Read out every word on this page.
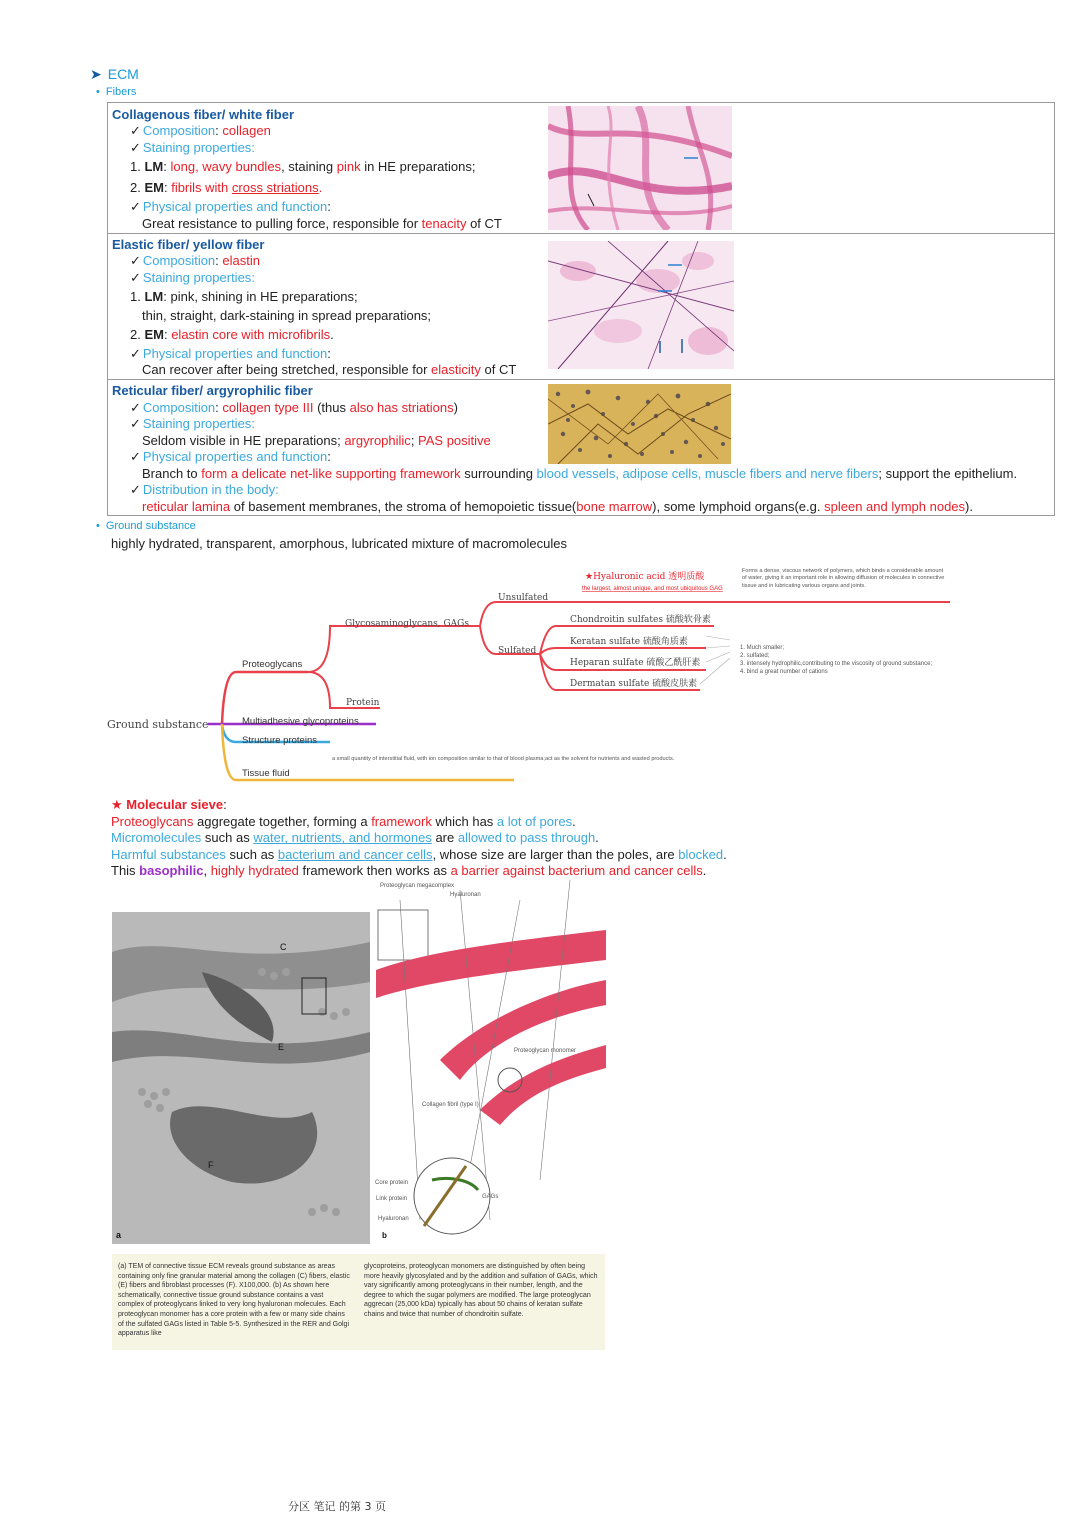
➤ ECM
• Fibers
Collagenous fiber/ white fiber
✓ Composition: collagen
✓ Staining properties:
1. LM: long, wavy bundles, staining pink in HE preparations;
2. EM: fibrils with cross striations.
✓ Physical properties and function:
Great resistance to pulling force, responsible for tenacity of CT
Elastic fiber/ yellow fiber
✓ Composition: elastin
✓ Staining properties:
1. LM: pink, shining in HE preparations;
thin, straight, dark-staining in spread preparations;
2. EM: elastin core with microfibrils.
✓ Physical properties and function:
Can recover after being stretched, responsible for elasticity of CT
Reticular fiber/ argyrophilic fiber
✓ Composition: collagen type III (thus also has striations)
✓ Staining properties:
Seldom visible in HE preparations; argyrophilic; PAS positive
✓ Physical properties and function:
Branch to form a delicate net-like supporting framework surrounding blood vessels, adipose cells, muscle fibers and nerve fibers; support the epithelium.
✓ Distribution in the body:
reticular lamina of basement membranes, the stroma of hemopoietic tissue(bone marrow), some lymphoid organs(e.g. spleen and lymph nodes).
• Ground substance
highly hydrated, transparent, amorphous, lubricated mixture of macromolecules
Ground substance
Proteoglycans
Multiadhesive glycoproteins
Structure proteins
Tissue fluid
a small quantity of interstitial fluid, with ion composition similar to that of blood plasma;act as the solvent for nutrients and wasted products.
Glycosaminoglycans, GAGs
Protein
Unsulfated
Sulfated
★Hyaluronic acid 透明质酸
the largest, almost unique, and most ubiquitous GAG
Forms a dense, viscous network of polymers, which binds a considerable amount of water, giving it an important role in allowing diffusion of molecules in connective tissue and in lubricating various organs and joints.
Chondroitin sulfates 硫酸软骨素
Keratan sulfate 硫酸角质素
Heparan sulfate 硫酸乙酰肝素
Dermatan sulfate 硫酸皮肤素
1. Much smaller;
2. sulfated;
3. intensely hydrophilic,contributing to the viscosity of ground substance;
4. bind a great number of cations
★ Molecular sieve:
Proteoglycans aggregate together, forming a framework which has a lot of pores.
Micromolecules such as water, nutrients, and hormones are allowed to pass through.
Harmful substances such as bacterium and cancer cells, whose size are larger than the poles, are blocked.
This basophilic, highly hydrated framework then works as a barrier against bacterium and cancer cells.
C
E
F
a
Proteoglycan megacomplex
Hyaluronan
Proteoglycan monomer
Collagen fibril (type I)
Core protein
Link protein	GAGs
Hyaluronan
b
(a) TEM of connective tissue ECM reveals ground substance as areas containing only fine granular material among the collagen (C) fibers, elastic (E) fibers and fibroblast processes (F). X100,000. (b) As shown here schematically, connective tissue ground substance contains a vast complex of proteoglycans linked to very long hyaluronan molecules. Each proteoglycan monomer has a core protein with a few or many side chains of the sulfated GAGs listed in Table 5-5. Synthesized in the RER and Golgi apparatus like
glycoproteins, proteoglycan monomers are distinguished by often being more heavily glycosylated and by the addition and sulfation of GAGs, which vary significantly among proteoglycans in their number, length, and the degree to which the sugar polymers are modified. The large proteoglycan aggrecan (25,000 kDa) typically has about 50 chains of keratan sulfate chains and twice that number of chondroitin sulfate.
分区 笔记 的第 3 页
